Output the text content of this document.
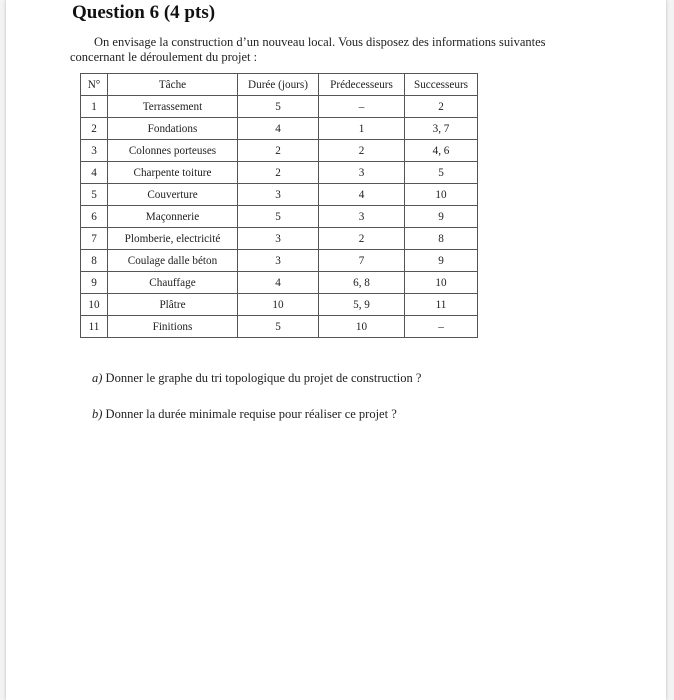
Question 6 (4 pts)
On envisage la construction d’un nouveau local. Vous disposez des informations suivantes
concernant le déroulement du projet :
N°	Tâche	Durée (jours)	Prédecesseurs	Successeurs
1	Terrassement	5	–	2
2	Fondations	4	1	3, 7
3	Colonnes porteuses	2	2	4, 6
4	Charpente toiture	2	3	5
5	Couverture	3	4	10
6	Maçonnerie	5	3	9
7	Plomberie, electricité	3	2	8
8	Coulage dalle béton	3	7	9
9	Chauffage	4	6, 8	10
10	Plâtre	10	5, 9	11
11	Finitions	5	10	–
a) Donner le graphe du tri topologique du projet de construction ?
b) Donner la durée minimale requise pour réaliser ce projet ?
